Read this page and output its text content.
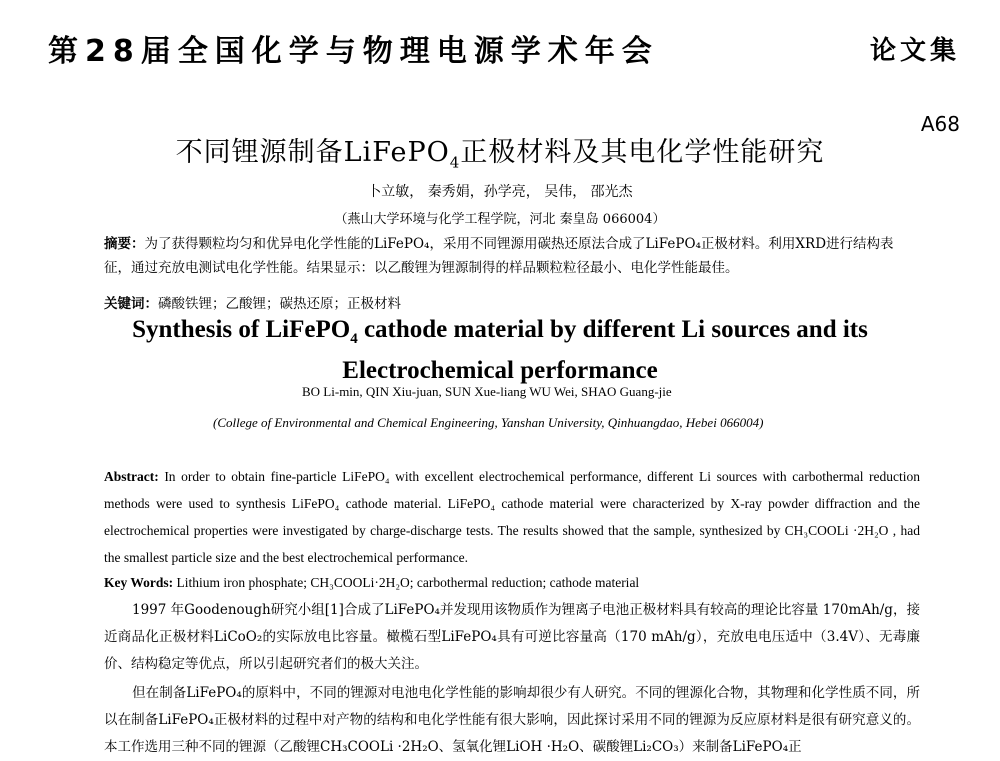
第28届全国化学与物理电源学术年会	论文集
A68
不同锂源制备LiFePO$_4$正极材料及其电化学性能研究
卜立敏， 秦秀娟，孙学亮， 吴伟， 邵光杰
（燕山大学环境与化学工程学院，河北 秦皇岛 066004）
摘要：为了获得颗粒均匀和优异电化学性能的LiFePO₄，采用不同锂源用碳热还原法合成了LiFePO₄正极材料。利用XRD进行结构表征，通过充放电测试电化学性能。结果显示：以乙酸锂为锂源制得的样品颗粒粒径最小、电化学性能最佳。
关键词：磷酸铁锂；乙酸锂；碳热还原；正极材料
Synthesis of LiFePO$_4$ cathode material by different Li sources and its
Electrochemical performance
BO Li-min, QIN Xiu-juan, SUN Xue-liang WU Wei, SHAO Guang-jie
(College of Environmental and Chemical Engineering, Yanshan University, Qinhuangdao, Hebei 066004)
Abstract: In order to obtain fine-particle LiFePO₄ with excellent electrochemical performance, different Li sources with carbothermal reduction methods were used to synthesis LiFePO₄ cathode material. LiFePO₄ cathode material were characterized by X-ray powder diffraction and the electrochemical properties were investigated by charge-discharge tests. The results showed that the sample, synthesized by CH₃COOLi ·2H₂O , had the smallest particle size and the best electrochemical performance.
Key Words: Lithium iron phosphate; CH₃COOLi·2H₂O; carbothermal reduction; cathode material
1997 年Goodenough研究小组[1]合成了LiFePO₄并发现用该物质作为锂离子电池正极材料具有较高的理论比容量 170mAh/g，接近商品化正极材料LiCoO₂的实际放电比容量。橄榄石型LiFePO₄具有可逆比容量高（170 mAh/g），充放电电压适中（3.4V）、无毒廉价、结构稳定等优点，所以引起研究者们的极大关注。
但在制备LiFePO₄的原料中，不同的锂源对电池电化学性能的影响却很少有人研究。不同的锂源化合物，其物理和化学性质不同，所以在制备LiFePO₄正极材料的过程中对产物的结构和电化学性能有很大影响，因此探讨采用不同的锂源为反应原材料是很有研究意义的。本工作选用三种不同的锂源（乙酸锂CH₃COOLi ·2H₂O、氢氧化锂LiOH ·H₂O、碳酸锂Li₂CO₃）来制备LiFePO₄正
